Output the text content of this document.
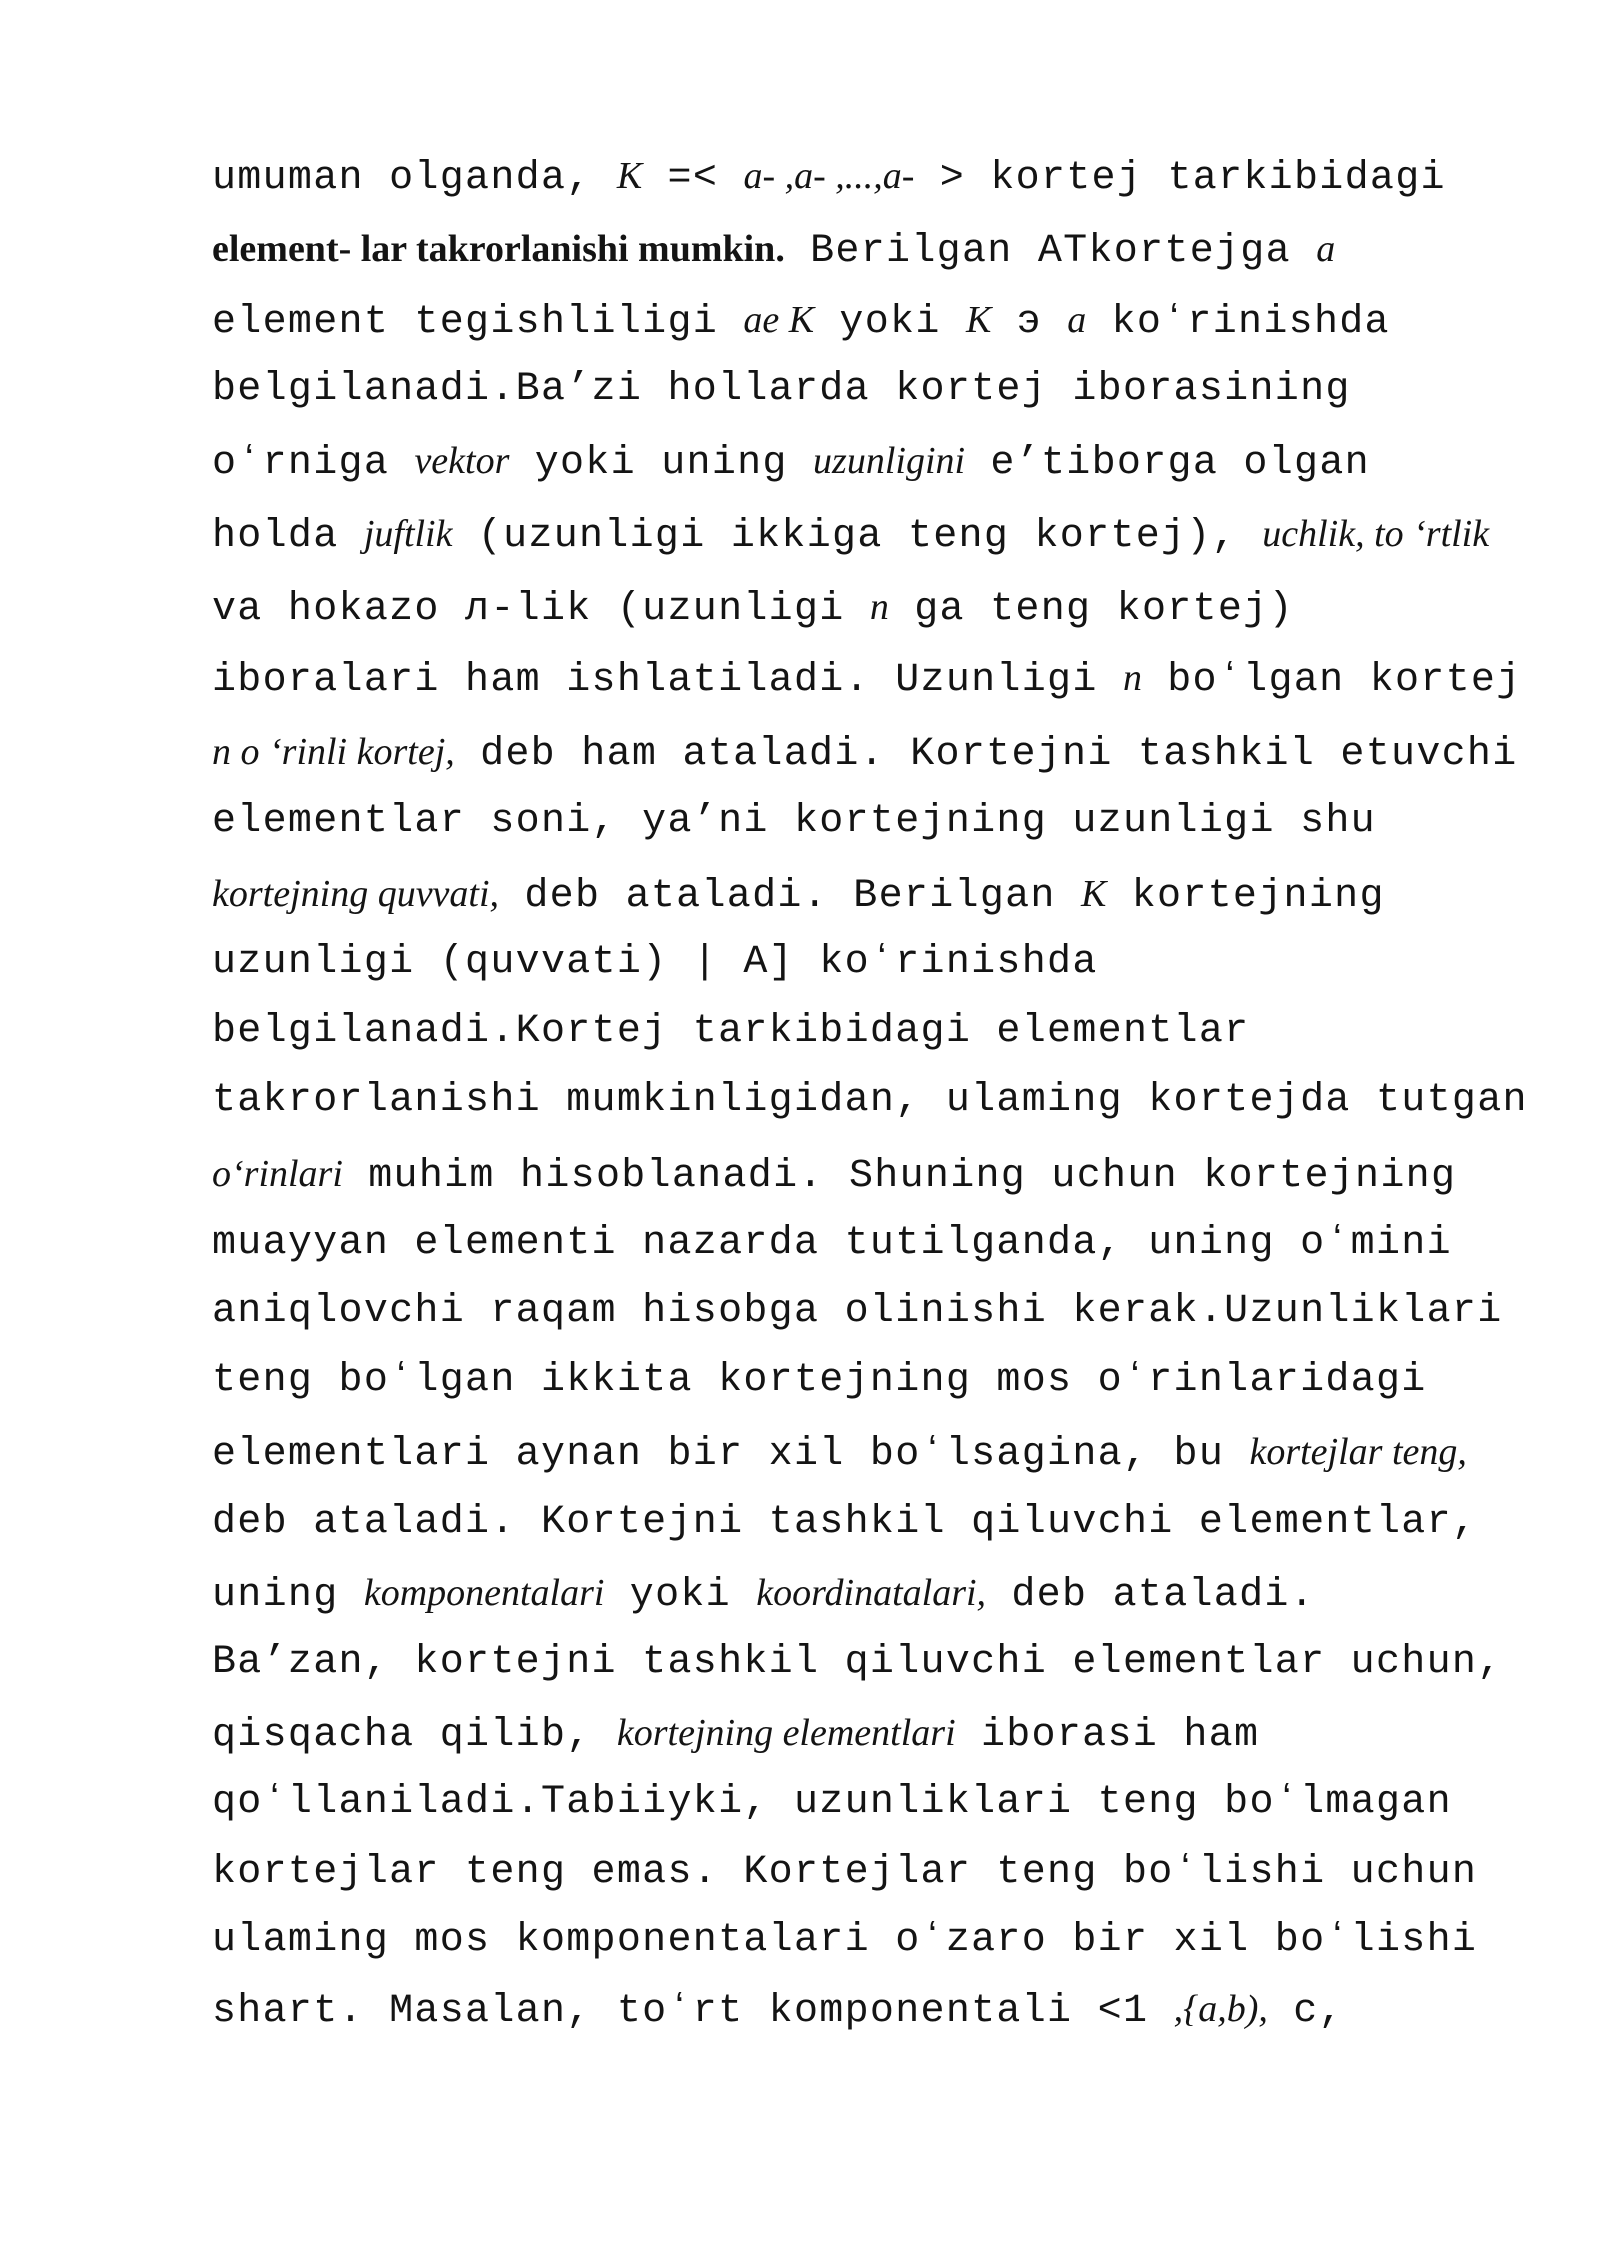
umuman olganda, K =< a- ,a- ,...,a- > kortej tarkibidagi

element- lar takrorlanishi mumkin. Berilgan ATkortejga a

element tegishliligi ae K yoki K э a koʻrinishda

belgilanadi.Ba’zi hollarda kortej iborasining

oʻrniga vektor yoki uning uzunligini e’tiborga olgan

holda juftlik (uzunligi ikkiga teng kortej), uchlik, to ‘rtlik

va hokazo л-lik (uzunligi n ga teng kortej)

iboralari ham ishlatiladi. Uzunligi n boʻlgan kortej

n o ‘rinli kortej, deb ham ataladi. Kortejni tashkil etuvchi

elementlar soni, ya’ni kortejning uzunligi shu

kortejning quvvati, deb ataladi. Berilgan K kortejning

uzunligi (quvvati) | A] koʻrinishda

belgilanadi.Kortej tarkibidagi elementlar

takrorlanishi mumkinligidan, ulaming kortejda tutgan

oʻrinlari muhim hisoblanadi. Shuning uchun kortejning

muayyan elementi nazarda tutilganda, uning oʻmini

aniqlovchi raqam hisobga olinishi kerak.Uzunliklari

teng boʻlgan ikkita kortejning mos oʻrinlaridagi

elementlari aynan bir xil boʻlsagina, bu kortejlar teng,

deb ataladi. Kortejni tashkil qiluvchi elementlar,

uning komponentalari yoki koordinatalari, deb ataladi.

Ba’zan, kortejni tashkil qiluvchi elementlar uchun,

qisqacha qilib, kortejning elementlari iborasi ham

qoʻllaniladi.Tabiiyki, uzunliklari teng boʻlmagan

kortejlar teng emas. Kortejlar teng boʻlishi uchun

ulaming mos komponentalari oʻzaro bir xil boʻlishi

shart. Masalan, toʻrt komponentali <1 ,{a,b), c,
